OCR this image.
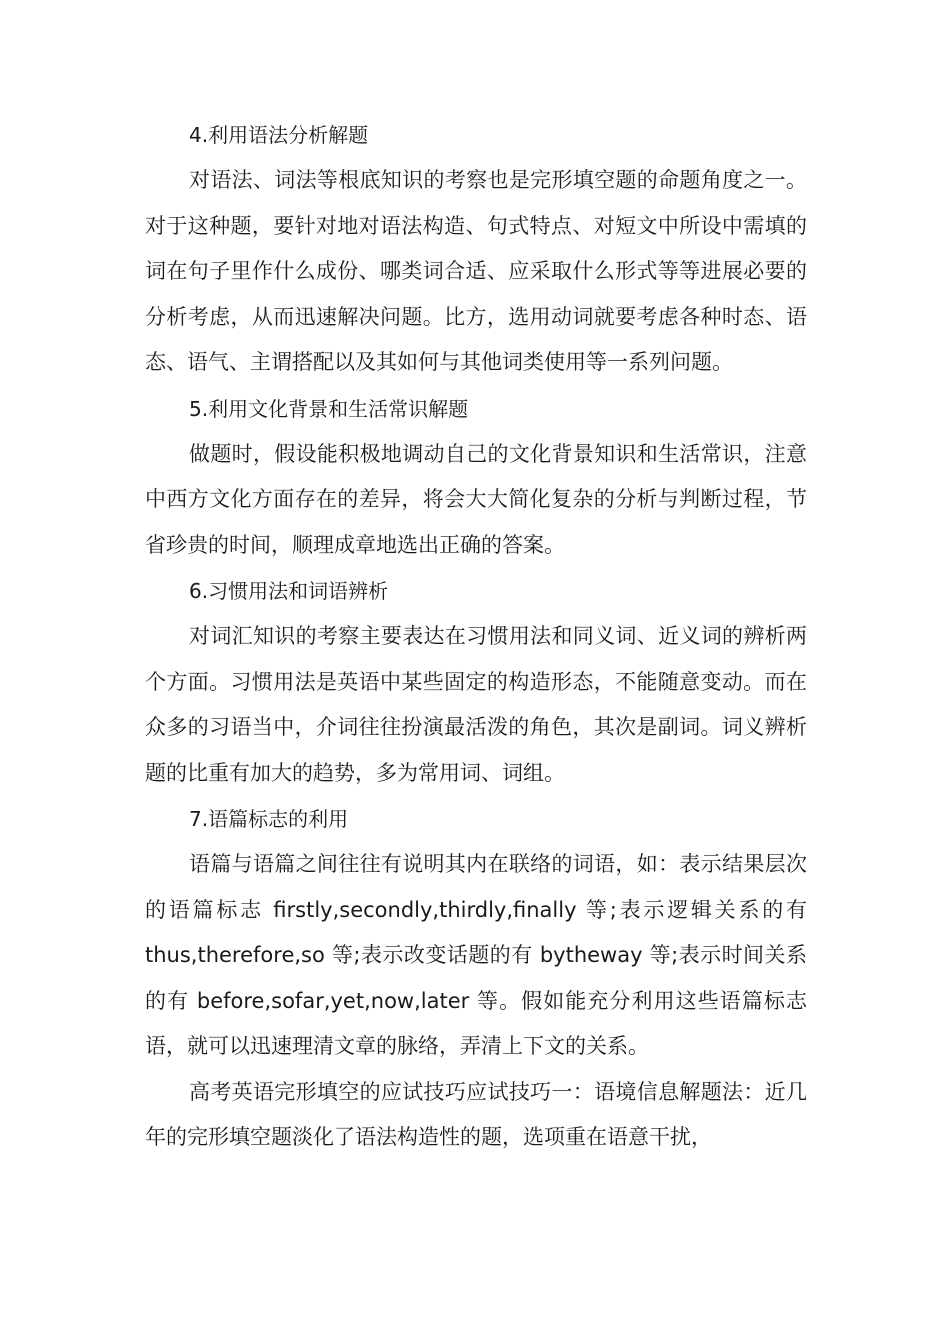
4.利用语法分析解题

对语法、词法等根底知识的考察也是完形填空题的命题角度之一。对于这种题，要针对地对语法构造、句式特点、对短文中所设中需填的词在句子里作什么成份、哪类词合适、应采取什么形式等等进展必要的分析考虑，从而迅速解决问题。比方，选用动词就要考虑各种时态、语态、语气、主谓搭配以及其如何与其他词类使用等一系列问题。

5.利用文化背景和生活常识解题

做题时，假设能积极地调动自己的文化背景知识和生活常识，注意中西方文化方面存在的差异，将会大大简化复杂的分析与判断过程，节省珍贵的时间，顺理成章地选出正确的答案。

6.习惯用法和词语辨析

对词汇知识的考察主要表达在习惯用法和同义词、近义词的辨析两个方面。习惯用法是英语中某些固定的构造形态，不能随意变动。而在众多的习语当中，介词往往扮演最活泼的角色，其次是副词。词义辨析题的比重有加大的趋势，多为常用词、词组。

7.语篇标志的利用

语篇与语篇之间往往有说明其内在联络的词语，如：表示结果层次的语篇标志 firstly,secondly,thirdly,finally 等;表示逻辑关系的有 thus,therefore,so 等;表示改变话题的有 bytheway 等;表示时间关系的有 before,sofar,yet,now,later 等。假如能充分利用这些语篇标志语，就可以迅速理清文章的脉络，弄清上下文的关系。

高考英语完形填空的应试技巧应试技巧一：语境信息解题法：近几年的完形填空题淡化了语法构造性的题，选项重在语意干扰，
